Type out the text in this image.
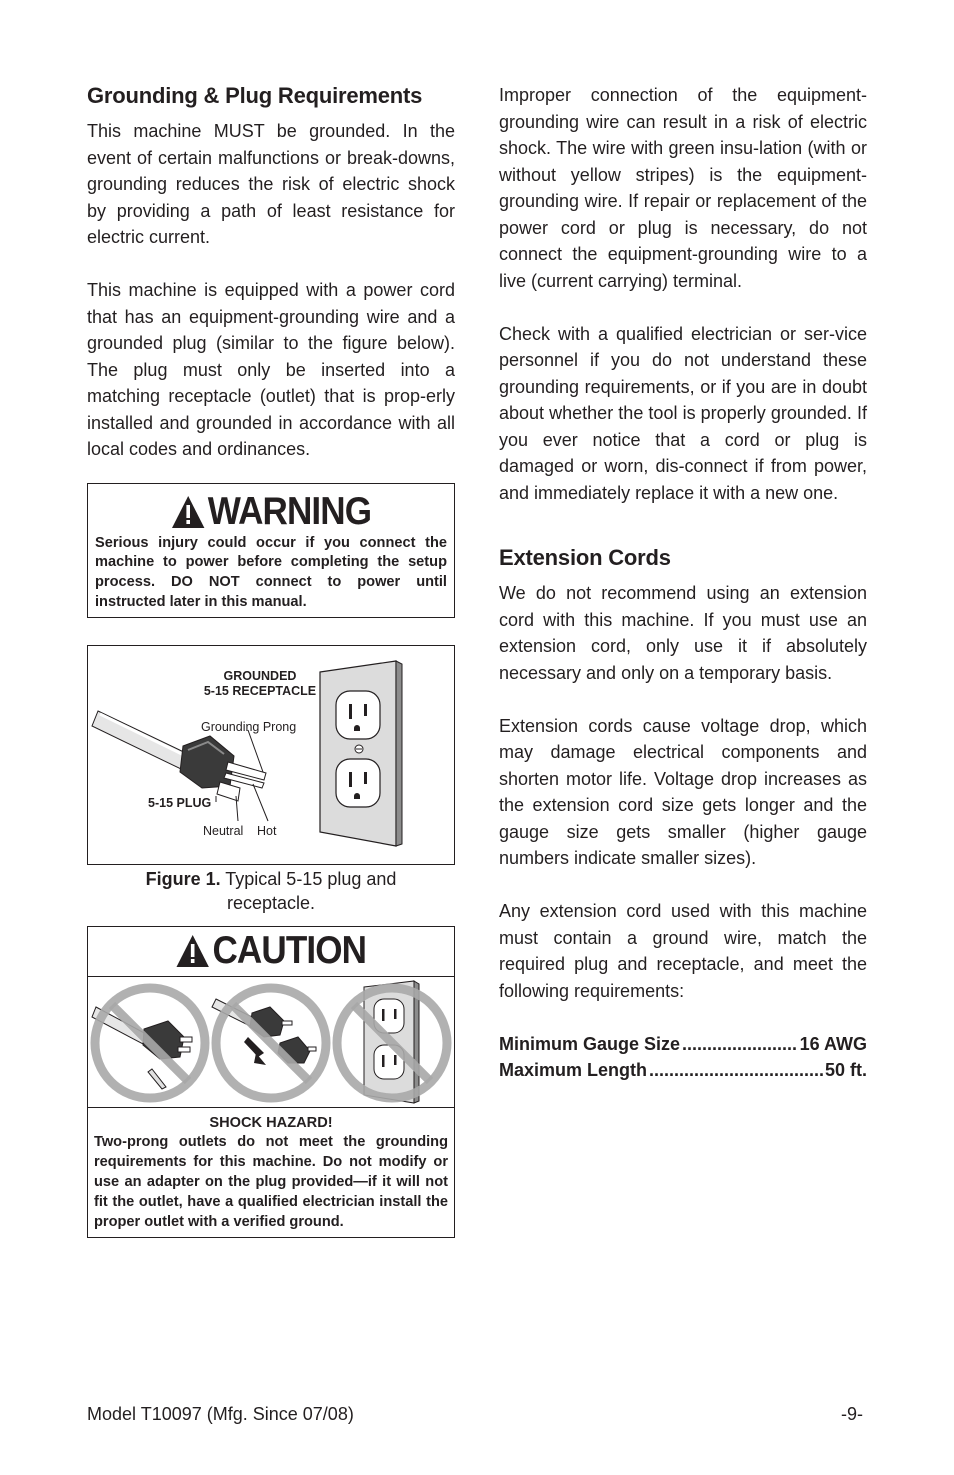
Grounding & Plug Requirements

This machine MUST be grounded. In the event of certain malfunctions or break-downs, grounding reduces the risk of electric shock by providing a path of least resistance for electric current.

This machine is equipped with a power cord that has an equipment-grounding wire and a grounded plug (similar to the figure below). The plug must only be inserted into a matching receptacle (outlet) that is prop-erly installed and grounded in accordance with all local codes and ordinances.

WARNING
Serious injury could occur if you connect the machine to power before completing the setup process. DO NOT connect to power until instructed later in this manual.
GROUNDED
5-15 RECEPTACLE
Grounding Prong
5-15 PLUG
Neutral Hot
Figure 1. Typical 5-15 plug and receptacle.
CAUTION
SHOCK HAZARD!
Two-prong outlets do not meet the grounding requirements for this machine. Do not modify or use an adapter on the plug provided—if it will not fit the outlet, have a qualified electrician install the proper outlet with a verified ground.

Improper connection of the equipment-grounding wire can result in a risk of electric shock. The wire with green insu-lation (with or without yellow stripes) is the equipment-grounding wire. If repair or replacement of the power cord or plug is necessary, do not connect the equipment-grounding wire to a live (current carrying) terminal.

Check with a qualified electrician or ser-vice personnel if you do not understand these grounding requirements, or if you are in doubt about whether the tool is properly grounded. If you ever notice that a cord or plug is damaged or worn, dis-connect if from power, and immediately replace it with a new one.

Extension Cords

We do not recommend using an extension cord with this machine. If you must use an extension cord, only use it if absolutely necessary and only on a temporary basis.

Extension cords cause voltage drop, which may damage electrical components and shorten motor life. Voltage drop increases as the extension cord size gets longer and the gauge size gets smaller (higher gauge numbers indicate smaller sizes).

Any extension cord used with this machine must contain a ground wire, match the required plug and receptacle, and meet the following requirements:

Minimum Gauge Size .....	16 AWG
Maximum Length .....	50 ft.
Model T10097 (Mfg. Since 07/08)	-9-
